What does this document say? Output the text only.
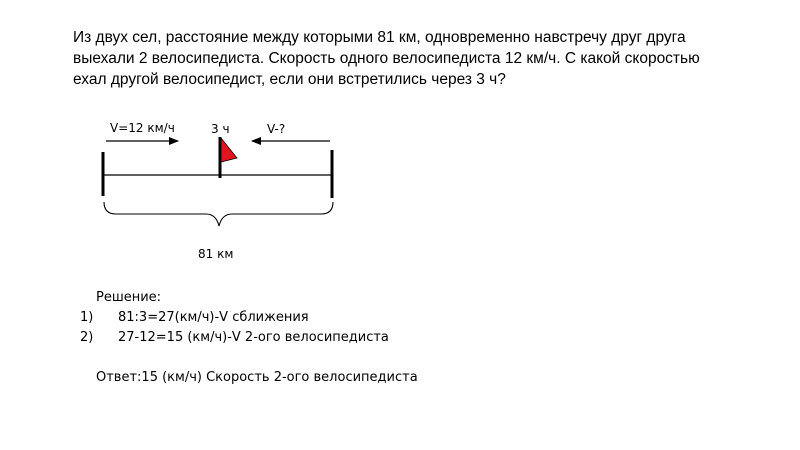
Из двух сел, расстояние между которыми 81 км, одновременно навстречу друг друга
выехали 2 велосипедиста. Скорость одного велосипедиста 12 км/ч. С какой скоростью
ехал другой велосипедист, если они встретились через 3 ч?
V=12 км/ч	3 ч	V-?
81 км
Решение:
1)	81:3=27(км/ч)-V сближения
2)	27-12=15 (км/ч)-V 2-ого велосипедиста
Ответ:15 (км/ч) Скорость 2-ого велосипедиста
